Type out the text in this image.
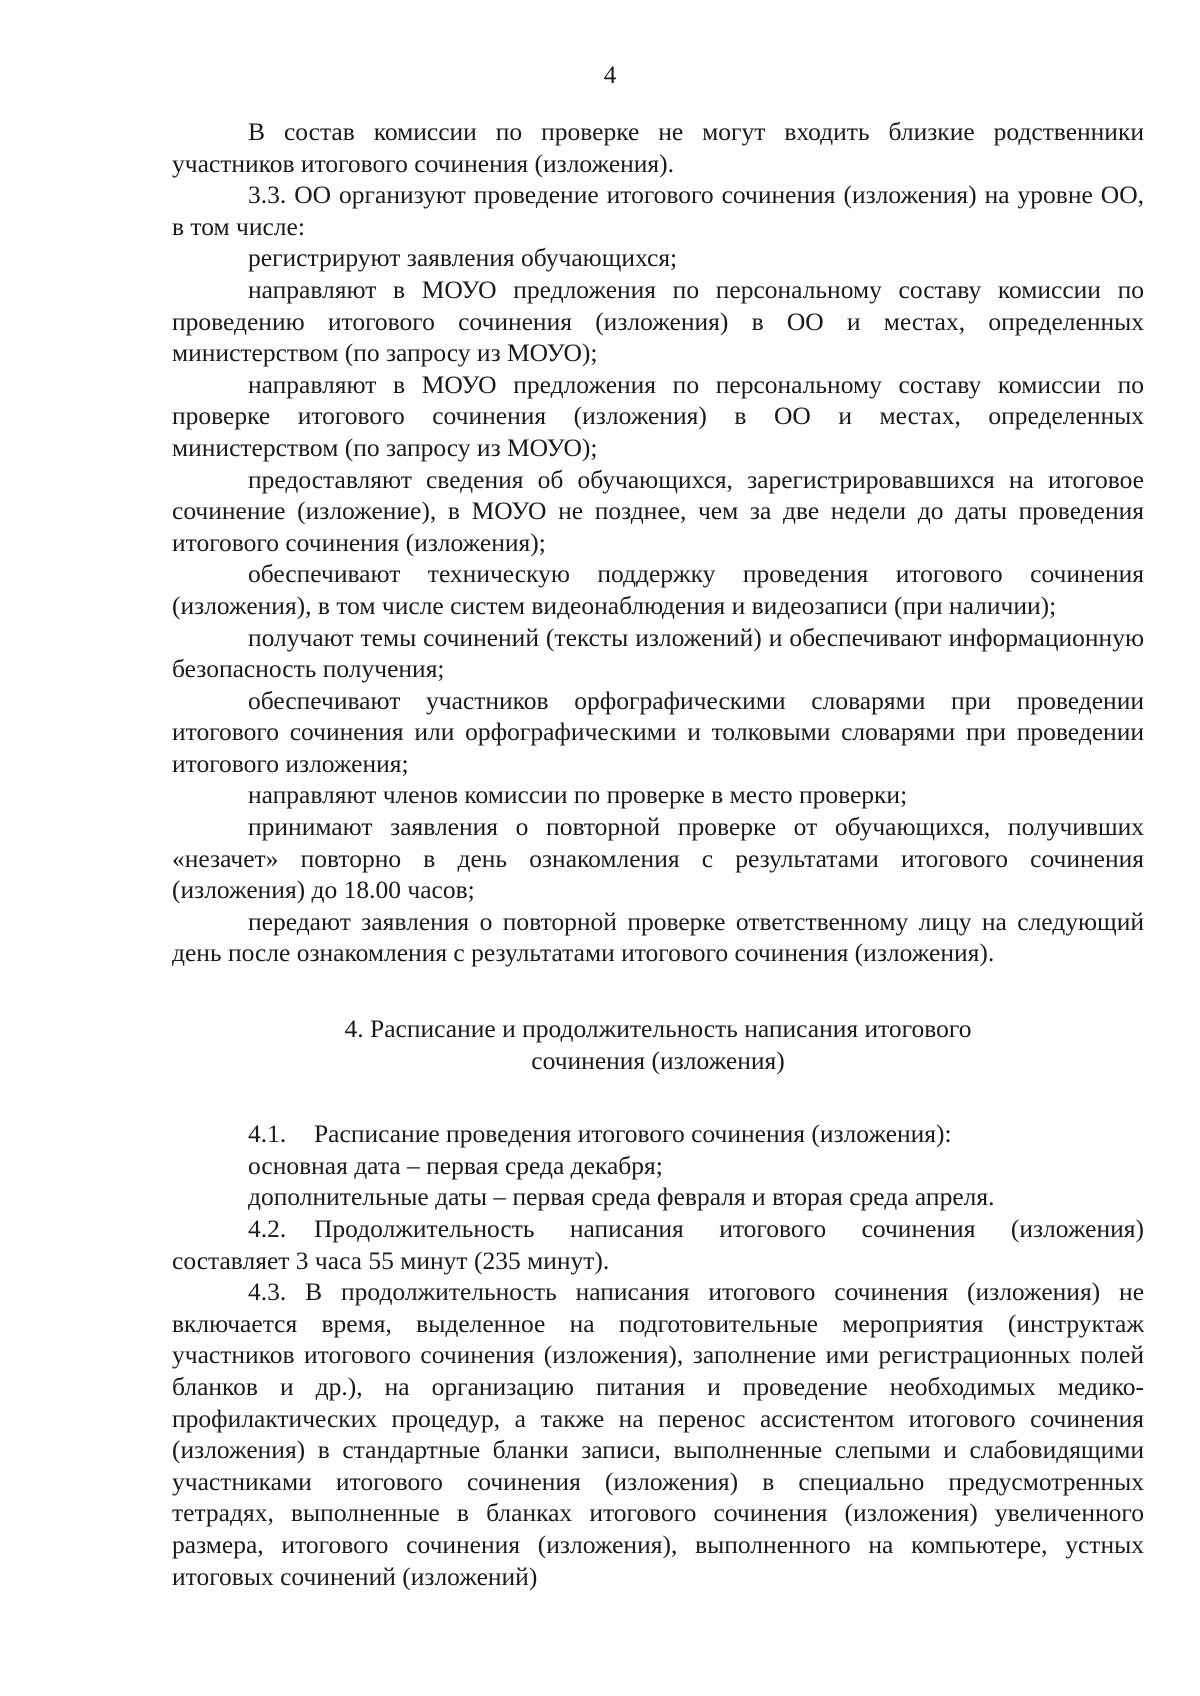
4

В состав комиссии по проверке не могут входить близкие родственники участников итогового сочинения (изложения).

3.3. ОО организуют проведение итогового сочинения (изложения) на уровне ОО, в том числе:

регистрируют заявления обучающихся;

направляют в МОУО предложения по персональному составу комиссии по проведению итогового сочинения (изложения) в ОО и местах, определенных министерством (по запросу из МОУО);

направляют в МОУО предложения по персональному составу комиссии по проверке итогового сочинения (изложения) в ОО и местах, определенных министерством (по запросу из МОУО);

предоставляют сведения об обучающихся, зарегистрировавшихся на итоговое сочинение (изложение), в МОУО не позднее, чем за две недели до даты проведения итогового сочинения (изложения);

обеспечивают техническую поддержку проведения итогового сочинения (изложения), в том числе систем видеонаблюдения и видеозаписи (при наличии);

получают темы сочинений (тексты изложений) и обеспечивают информационную безопасность получения;

обеспечивают участников орфографическими словарями при проведении итогового сочинения или орфографическими и толковыми словарями при проведении итогового изложения;

направляют членов комиссии по проверке в место проверки;

принимают заявления о повторной проверке от обучающихся, получивших «незачет» повторно в день ознакомления с результатами итогового сочинения (изложения) до 18.00 часов;

передают заявления о повторной проверке ответственному лицу на следующий день после ознакомления с результатами итогового сочинения (изложения).

4. Расписание и продолжительность написания итогового сочинения (изложения)

4.1. Расписание проведения итогового сочинения (изложения):

основная дата – первая среда декабря;

дополнительные даты – первая среда февраля и вторая среда апреля.

4.2. Продолжительность написания итогового сочинения (изложения) составляет 3 часа 55 минут (235 минут).

4.3. В продолжительность написания итогового сочинения (изложения) не включается время, выделенное на подготовительные мероприятия (инструктаж участников итогового сочинения (изложения), заполнение ими регистрационных полей бланков и др.), на организацию питания и проведение необходимых медико-профилактических процедур, а также на перенос ассистентом итогового сочинения (изложения) в стандартные бланки записи, выполненные слепыми и слабовидящими участниками итогового сочинения (изложения) в специально предусмотренных тетрадях, выполненные в бланках итогового сочинения (изложения) увеличенного размера, итогового сочинения (изложения), выполненного на компьютере, устных итоговых сочинений (изложений)
